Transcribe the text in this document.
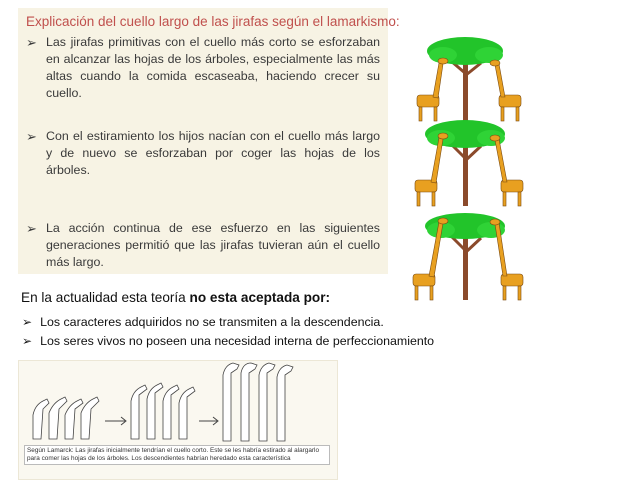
Explicación del cuello largo de las jirafas según el lamarkismo:
➢ Las jirafas primitivas con el cuello más corto se esforzaban en alcanzar las hojas de los árboles, especialmente las más altas cuando la comida escaseaba, haciendo crecer su cuello.
➢ Con el estiramiento los hijos nacían con el cuello más largo y de nuevo se esforzaban por coger las hojas de los árboles.
➢ La acción continua de ese esfuerzo en las siguientes generaciones permitió que las jirafas tuvieran aún el cuello más largo.
En la actualidad esta teoría no esta aceptada por:
➢ Los caracteres adquiridos no se transmiten a la descendencia.
➢ Los seres vivos no poseen una necesidad interna de perfeccionamiento
Según Lamarck: Las jirafas inicialmente tendrían el cuello corto. Este se les habría estirado al alargarlo para comer las hojas de los árboles. Los descendientes habrían heredado esta característica
